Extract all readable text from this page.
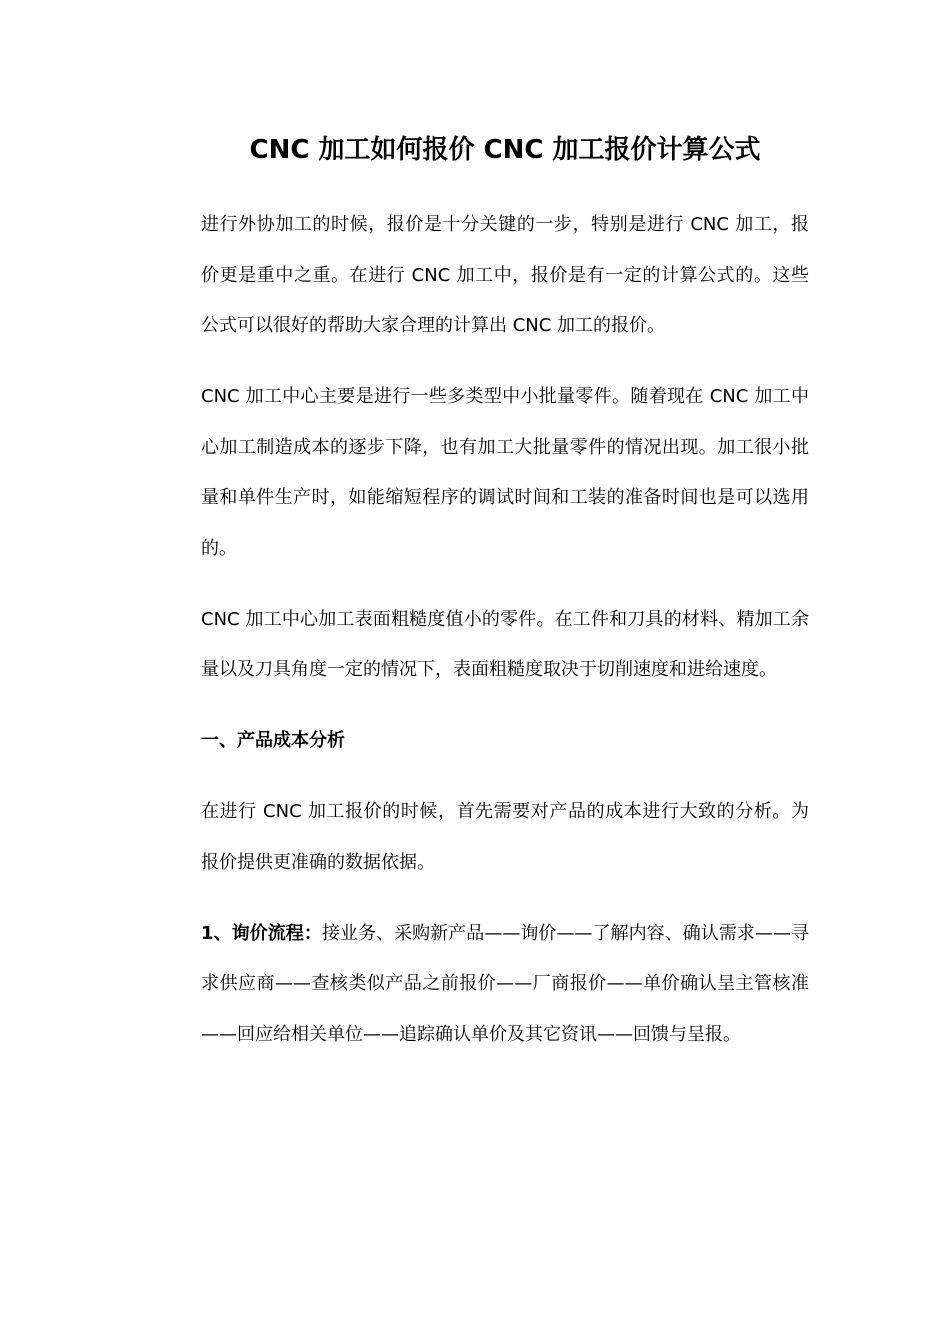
CNC 加工如何报价 CNC 加工报价计算公式

进行外协加工的时候，报价是十分关键的一步，特别是进行 CNC 加工，报价更是重中之重。在进行 CNC 加工中，报价是有一定的计算公式的。这些公式可以很好的帮助大家合理的计算出 CNC 加工的报价。

CNC 加工中心主要是进行一些多类型中小批量零件。随着现在 CNC 加工中心加工制造成本的逐步下降，也有加工大批量零件的情况出现。加工很小批量和单件生产时，如能缩短程序的调试时间和工装的准备时间也是可以选用的。

CNC 加工中心加工表面粗糙度值小的零件。在工件和刀具的材料、精加工余量以及刀具角度一定的情况下，表面粗糙度取决于切削速度和进给速度。

一、产品成本分析

在进行 CNC 加工报价的时候，首先需要对产品的成本进行大致的分析。为报价提供更准确的数据依据。

1、询价流程：接业务、采购新产品——询价——了解内容、确认需求——寻求供应商——查核类似产品之前报价——厂商报价——单价确认呈主管核准——回应给相关单位——追踪确认单价及其它资讯——回馈与呈报。
